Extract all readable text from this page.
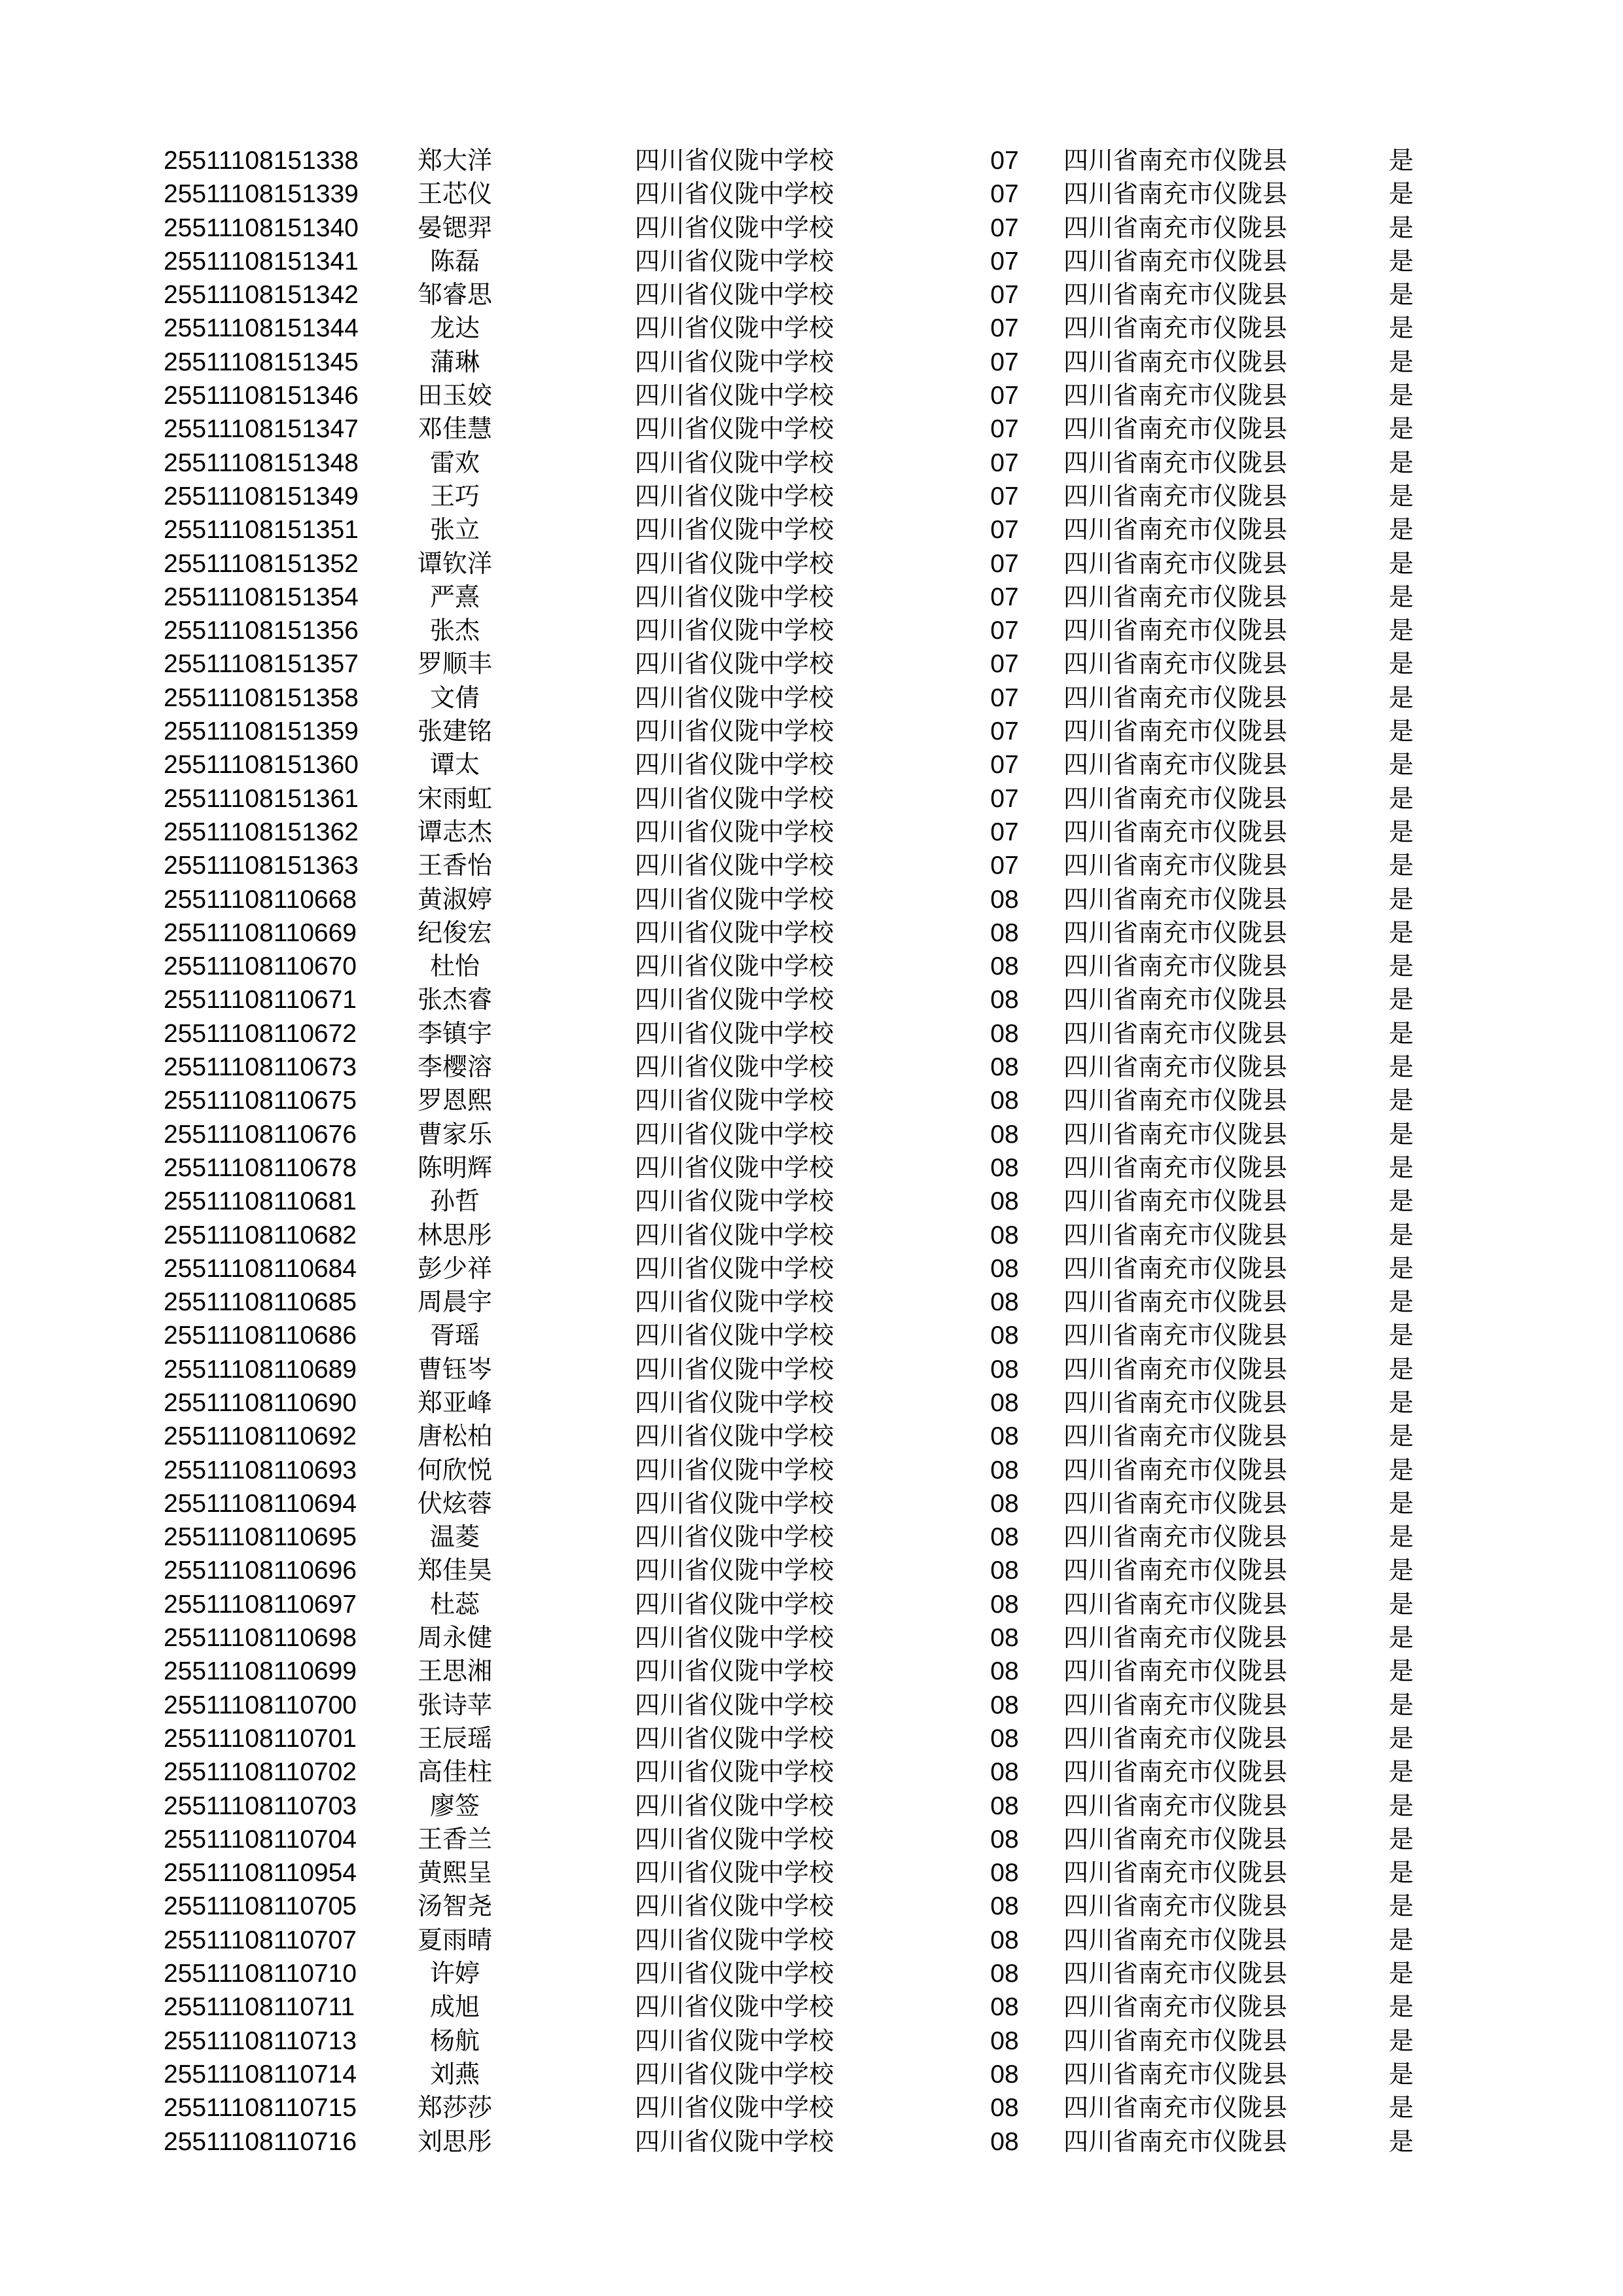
25511108151338 郑大洋	四川省仪陇中学校	07 四川省南充市仪陇县	是
25511108151339 王芯仪	四川省仪陇中学校	07 四川省南充市仪陇县	是
25511108151340 晏锶羿	四川省仪陇中学校	07 四川省南充市仪陇县	是
25511108151341	陈磊	四川省仪陇中学校	07 四川省南充市仪陇县	是
25511108151342 邹睿思	四川省仪陇中学校	07 四川省南充市仪陇县	是
25511108151344	龙达	四川省仪陇中学校	07 四川省南充市仪陇县	是
25511108151345	蒲琳	四川省仪陇中学校	07 四川省南充市仪陇县	是
25511108151346 田玉姣	四川省仪陇中学校	07 四川省南充市仪陇县	是
25511108151347 邓佳慧	四川省仪陇中学校	07 四川省南充市仪陇县	是
25511108151348	雷欢	四川省仪陇中学校	07 四川省南充市仪陇县	是
25511108151349	王巧	四川省仪陇中学校	07 四川省南充市仪陇县	是
25511108151351	张立	四川省仪陇中学校	07 四川省南充市仪陇县	是
25511108151352 谭钦洋	四川省仪陇中学校	07 四川省南充市仪陇县	是
25511108151354	严熹	四川省仪陇中学校	07 四川省南充市仪陇县	是
25511108151356	张杰	四川省仪陇中学校	07 四川省南充市仪陇县	是
25511108151357 罗顺丰	四川省仪陇中学校	07 四川省南充市仪陇县	是
25511108151358	文倩	四川省仪陇中学校	07 四川省南充市仪陇县	是
25511108151359 张建铭	四川省仪陇中学校	07 四川省南充市仪陇县	是
25511108151360	谭太	四川省仪陇中学校	07 四川省南充市仪陇县	是
25511108151361 宋雨虹	四川省仪陇中学校	07 四川省南充市仪陇县	是
25511108151362 谭志杰	四川省仪陇中学校	07 四川省南充市仪陇县	是
25511108151363 王香怡	四川省仪陇中学校	07 四川省南充市仪陇县	是
25511108110668 黄淑婷	四川省仪陇中学校	08 四川省南充市仪陇县	是
25511108110669 纪俊宏	四川省仪陇中学校	08 四川省南充市仪陇县	是
25511108110670	杜怡	四川省仪陇中学校	08 四川省南充市仪陇县	是
25511108110671 张杰睿	四川省仪陇中学校	08 四川省南充市仪陇县	是
25511108110672 李镇宇	四川省仪陇中学校	08 四川省南充市仪陇县	是
25511108110673 李樱溶	四川省仪陇中学校	08 四川省南充市仪陇县	是
25511108110675 罗恩熙	四川省仪陇中学校	08 四川省南充市仪陇县	是
25511108110676 曹家乐	四川省仪陇中学校	08 四川省南充市仪陇县	是
25511108110678 陈明辉	四川省仪陇中学校	08 四川省南充市仪陇县	是
25511108110681	孙哲	四川省仪陇中学校	08 四川省南充市仪陇县	是
25511108110682 林思彤	四川省仪陇中学校	08 四川省南充市仪陇县	是
25511108110684 彭少祥	四川省仪陇中学校	08 四川省南充市仪陇县	是
25511108110685 周晨宇	四川省仪陇中学校	08 四川省南充市仪陇县	是
25511108110686	胥瑶	四川省仪陇中学校	08 四川省南充市仪陇县	是
25511108110689 曹钰岑	四川省仪陇中学校	08 四川省南充市仪陇县	是
25511108110690 郑亚峰	四川省仪陇中学校	08 四川省南充市仪陇县	是
25511108110692 唐松柏	四川省仪陇中学校	08 四川省南充市仪陇县	是
25511108110693 何欣悦	四川省仪陇中学校	08 四川省南充市仪陇县	是
25511108110694 伏炫蓉	四川省仪陇中学校	08 四川省南充市仪陇县	是
25511108110695	温菱	四川省仪陇中学校	08 四川省南充市仪陇县	是
25511108110696 郑佳昊	四川省仪陇中学校	08 四川省南充市仪陇县	是
25511108110697	杜蕊	四川省仪陇中学校	08 四川省南充市仪陇县	是
25511108110698 周永健	四川省仪陇中学校	08 四川省南充市仪陇县	是
25511108110699 王思湘	四川省仪陇中学校	08 四川省南充市仪陇县	是
25511108110700 张诗苹	四川省仪陇中学校	08 四川省南充市仪陇县	是
25511108110701 王辰瑶	四川省仪陇中学校	08 四川省南充市仪陇县	是
25511108110702 高佳柱	四川省仪陇中学校	08 四川省南充市仪陇县	是
25511108110703	廖签	四川省仪陇中学校	08 四川省南充市仪陇县	是
25511108110704 王香兰	四川省仪陇中学校	08 四川省南充市仪陇县	是
25511108110954 黄熙呈	四川省仪陇中学校	08 四川省南充市仪陇县	是
25511108110705 汤智尧	四川省仪陇中学校	08 四川省南充市仪陇县	是
25511108110707 夏雨晴	四川省仪陇中学校	08 四川省南充市仪陇县	是
25511108110710	许婷	四川省仪陇中学校	08 四川省南充市仪陇县	是
25511108110711	成旭	四川省仪陇中学校	08 四川省南充市仪陇县	是
25511108110713	杨航	四川省仪陇中学校	08 四川省南充市仪陇县	是
25511108110714	刘燕	四川省仪陇中学校	08 四川省南充市仪陇县	是
25511108110715 郑莎莎	四川省仪陇中学校	08 四川省南充市仪陇县	是
25511108110716 刘思彤	四川省仪陇中学校	08 四川省南充市仪陇县	是
